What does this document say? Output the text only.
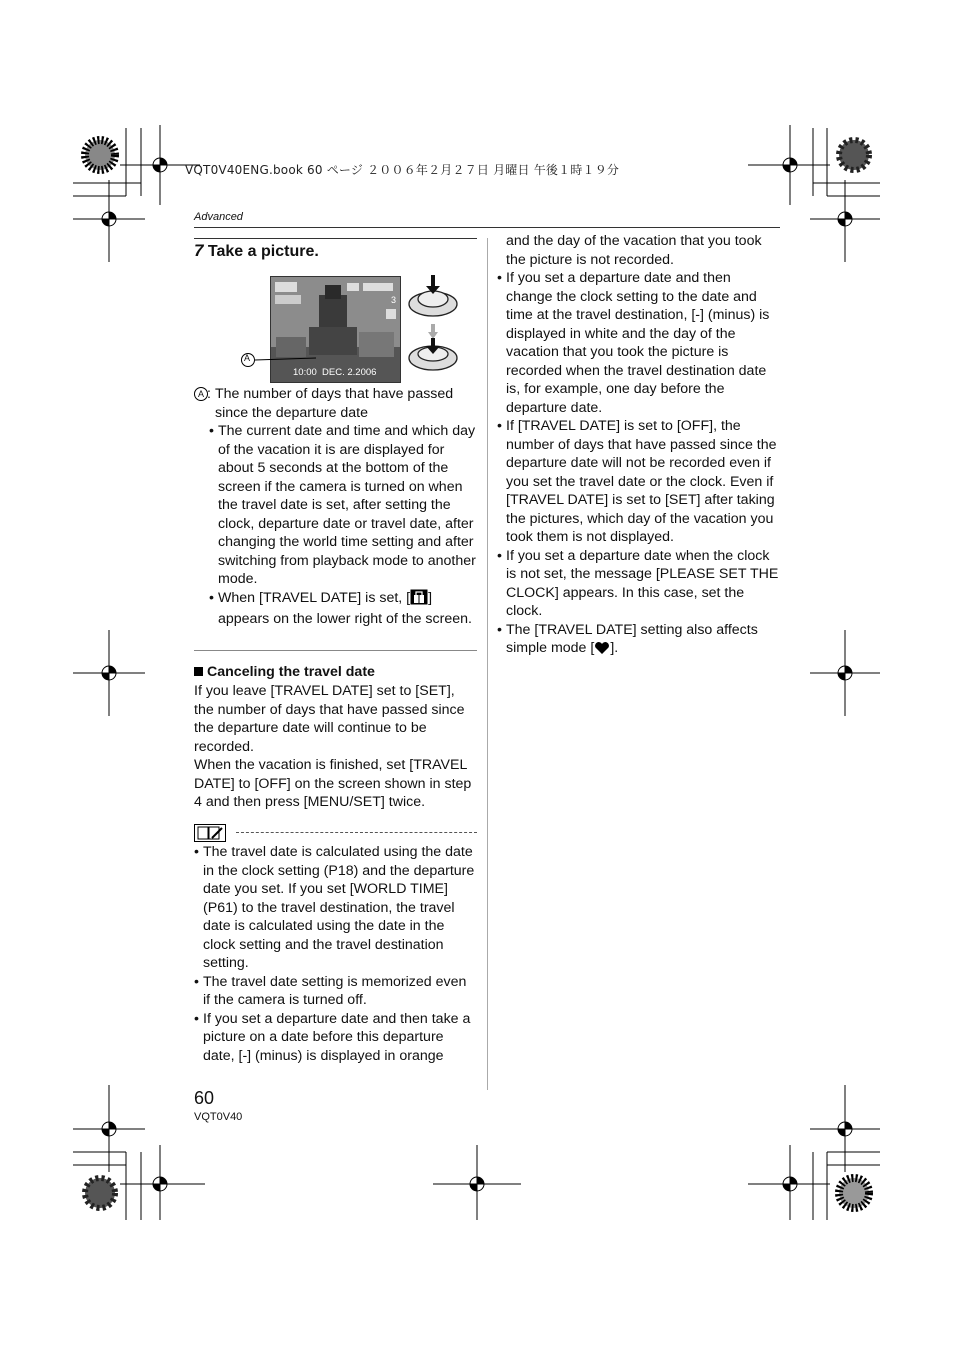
VQT0V40ENG.book 60 ページ ２００６年２月２７日 月曜日 午後１時１９分
Advanced
7 Take a picture.
3
10:00  DEC. 2.2006
A
A : The number of days that have passed
since the departure date
• The current date and time and which day of the vacation it is are displayed for about 5 seconds at the bottom of the screen if the camera is turned on when the travel date is set, after setting the clock, departure date or travel date, after changing the world time setting and after switching from playback mode to another mode.
• When [TRAVEL DATE] is set, [ ] appears on the lower right of the screen.
Canceling the travel date
If you leave [TRAVEL DATE] set to [SET], the number of days that have passed since the departure date will continue to be recorded.
When the vacation is finished, set [TRAVEL DATE] to [OFF] on the screen shown in step 4 and then press [MENU/SET] twice.
• The travel date is calculated using the date in the clock setting (P18) and the departure date you set. If you set [WORLD TIME] (P61) to the travel destination, the travel date is calculated using the date in the clock setting and the travel destination setting.
• The travel date setting is memorized even if the camera is turned off.
• If you set a departure date and then take a picture on a date before this departure date, [-] (minus) is displayed in orange
and the day of the vacation that you took the picture is not recorded.
• If you set a departure date and then change the clock setting to the date and time at the travel destination, [-] (minus) is displayed in white and the day of the vacation that you took the picture is recorded when the travel destination date is, for example, one day before the departure date.
• If [TRAVEL DATE] is set to [OFF], the number of days that have passed since the departure date will not be recorded even if you set the travel date or the clock. Even if [TRAVEL DATE] is set to [SET] after taking the pictures, which day of the vacation you took them is not displayed.
• If you set a departure date when the clock is not set, the message [PLEASE SET THE CLOCK] appears. In this case, set the clock.
• The [TRAVEL DATE] setting also affects simple mode [ ].
60
VQT0V40
